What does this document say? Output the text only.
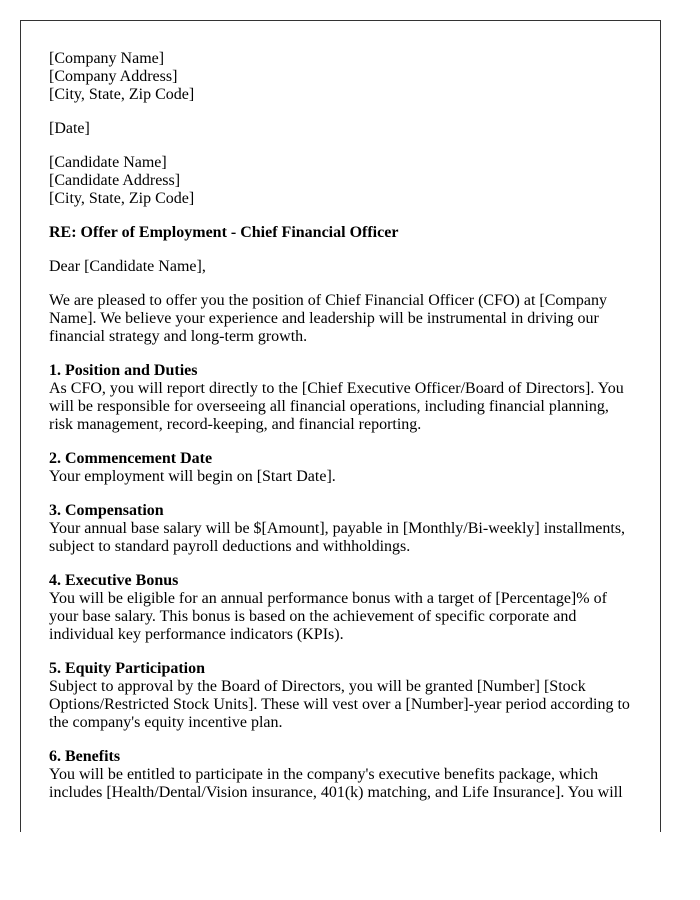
[Company Name]
[Company Address]
[City, State, Zip Code]

[Date]

[Candidate Name]
[Candidate Address]
[City, State, Zip Code]

RE: Offer of Employment - Chief Financial Officer

Dear [Candidate Name],

We are pleased to offer you the position of Chief Financial Officer (CFO) at [Company Name]. We believe your experience and leadership will be instrumental in driving our financial strategy and long-term growth.

1. Position and Duties
As CFO, you will report directly to the [Chief Executive Officer/Board of Directors]. You will be responsible for overseeing all financial operations, including financial planning, risk management, record-keeping, and financial reporting.
2. Commencement Date
Your employment will begin on [Start Date].
3. Compensation
Your annual base salary will be $[Amount], payable in [Monthly/Bi-weekly] installments, subject to standard payroll deductions and withholdings.
4. Executive Bonus
You will be eligible for an annual performance bonus with a target of [Percentage]% of your base salary. This bonus is based on the achievement of specific corporate and individual key performance indicators (KPIs).
5. Equity Participation
Subject to approval by the Board of Directors, you will be granted [Number] [Stock Options/Restricted Stock Units]. These will vest over a [Number]-year period according to the company's equity incentive plan.
6. Benefits
You will be entitled to participate in the company's executive benefits package, which includes [Health/Dental/Vision insurance, 401(k) matching, and Life Insurance]. You will
